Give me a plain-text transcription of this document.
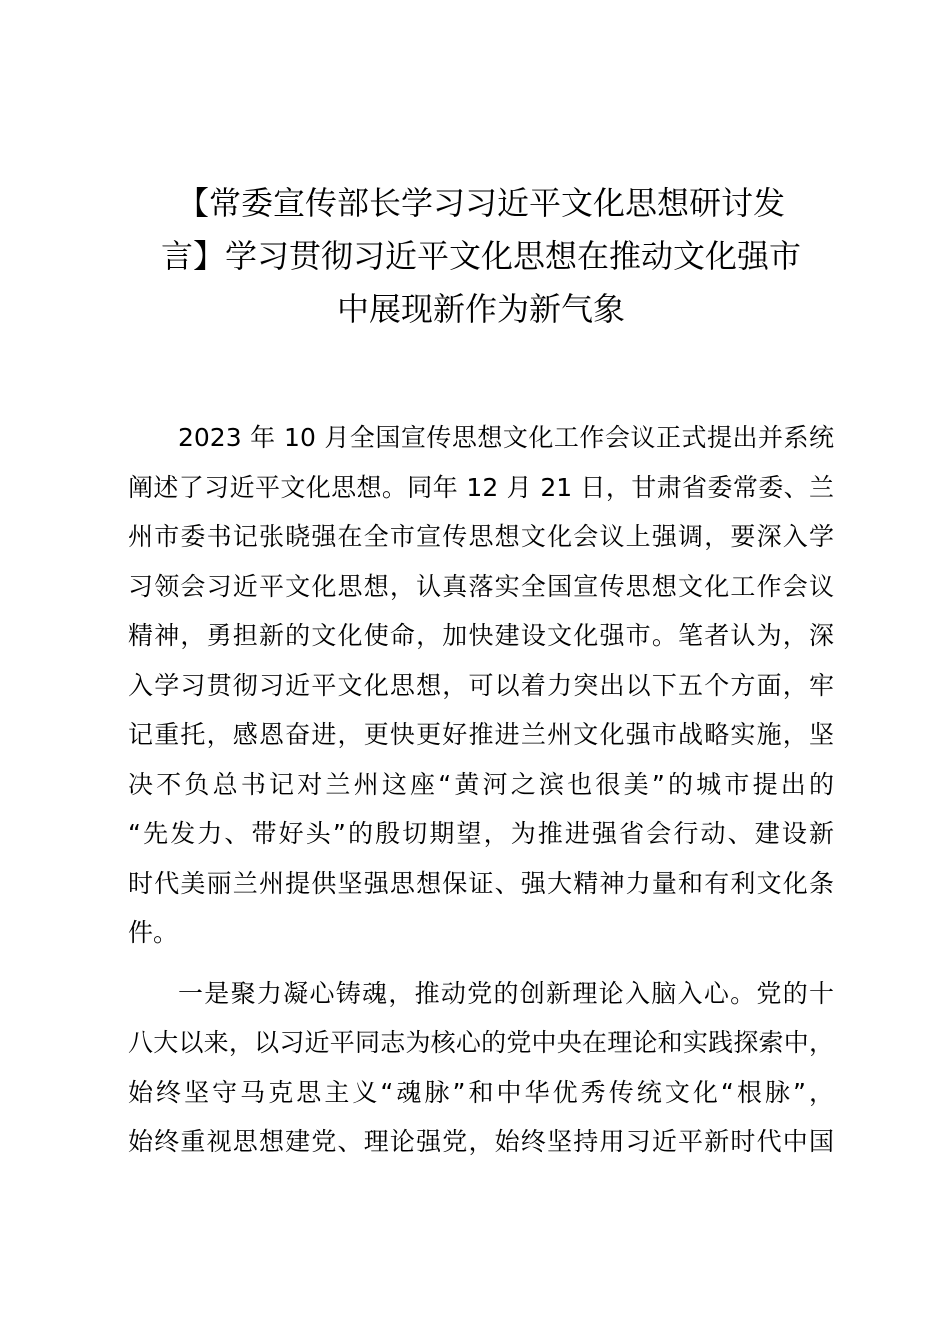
【常委宣传部长学习习近平文化思想研讨发
言】学习贯彻习近平文化思想在推动文化强市
中展现新作为新气象

2023 年 10 月全国宣传思想文化工作会议正式提出并系统
阐述了习近平文化思想。同年 12 月 21 日，甘肃省委常委、兰
州市委书记张晓强在全市宣传思想文化会议上强调，要深入学
习领会习近平文化思想，认真落实全国宣传思想文化工作会议
精神，勇担新的文化使命，加快建设文化强市。笔者认为，深
入学习贯彻习近平文化思想，可以着力突出以下五个方面，牢
记重托，感恩奋进，更快更好推进兰州文化强市战略实施，坚
决不负总书记对兰州这座“黄河之滨也很美”的城市提出的
“先发力、带好头”的殷切期望，为推进强省会行动、建设新
时代美丽兰州提供坚强思想保证、强大精神力量和有利文化条
件。

一是聚力凝心铸魂，推动党的创新理论入脑入心。党的十
八大以来，以习近平同志为核心的党中央在理论和实践探索中，
始终坚守马克思主义“魂脉”和中华优秀传统文化“根脉”，
始终重视思想建党、理论强党，始终坚持用习近平新时代中国
